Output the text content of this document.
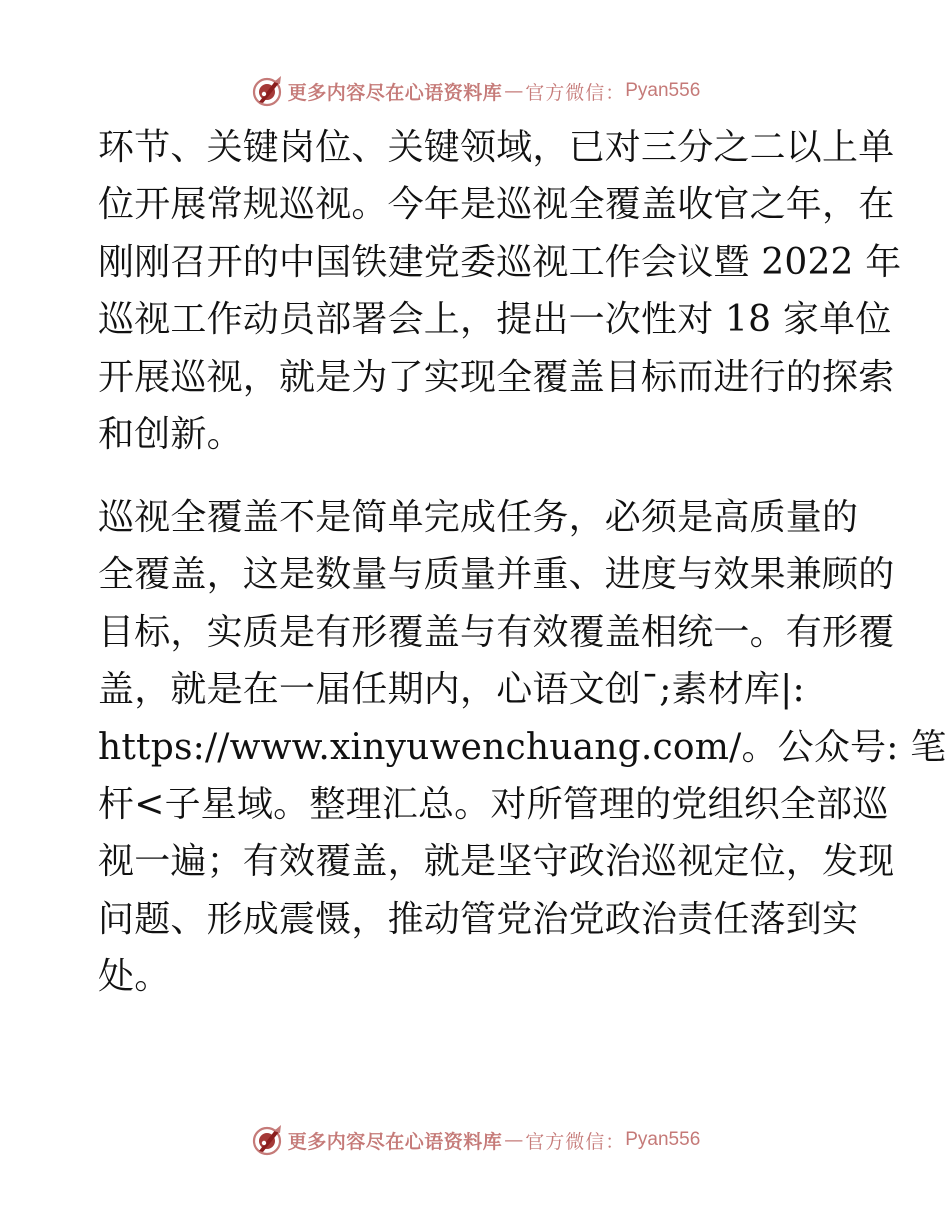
更多内容尽在心语资料库 — 官方微信： Pyan556
环节、关键岗位、关键领域，已对三分之二以上单
位开展常规巡视。今年是巡视全覆盖收官之年，在
刚刚召开的中国铁建党委巡视工作会议暨 2022 年
巡视工作动员部署会上，提出一次性对 18 家单位
开展巡视，就是为了实现全覆盖目标而进行的探索
和创新。
巡视全覆盖不是简单完成任务，必须是高质量的
全覆盖，这是数量与质量并重、进度与效果兼顾的
目标，实质是有形覆盖与有效覆盖相统一。有形覆
盖，就是在一届任期内，心语文创¯;素材库|:
https://www.xinyuwenchuang.com/。公众号: 笔
杆<子星域。整理汇总。对所管理的党组织全部巡
视一遍；有效覆盖，就是坚守政治巡视定位，发现
问题、形成震慑，推动管党治党政治责任落到实
处。
更多内容尽在心语资料库 — 官方微信： Pyan556
